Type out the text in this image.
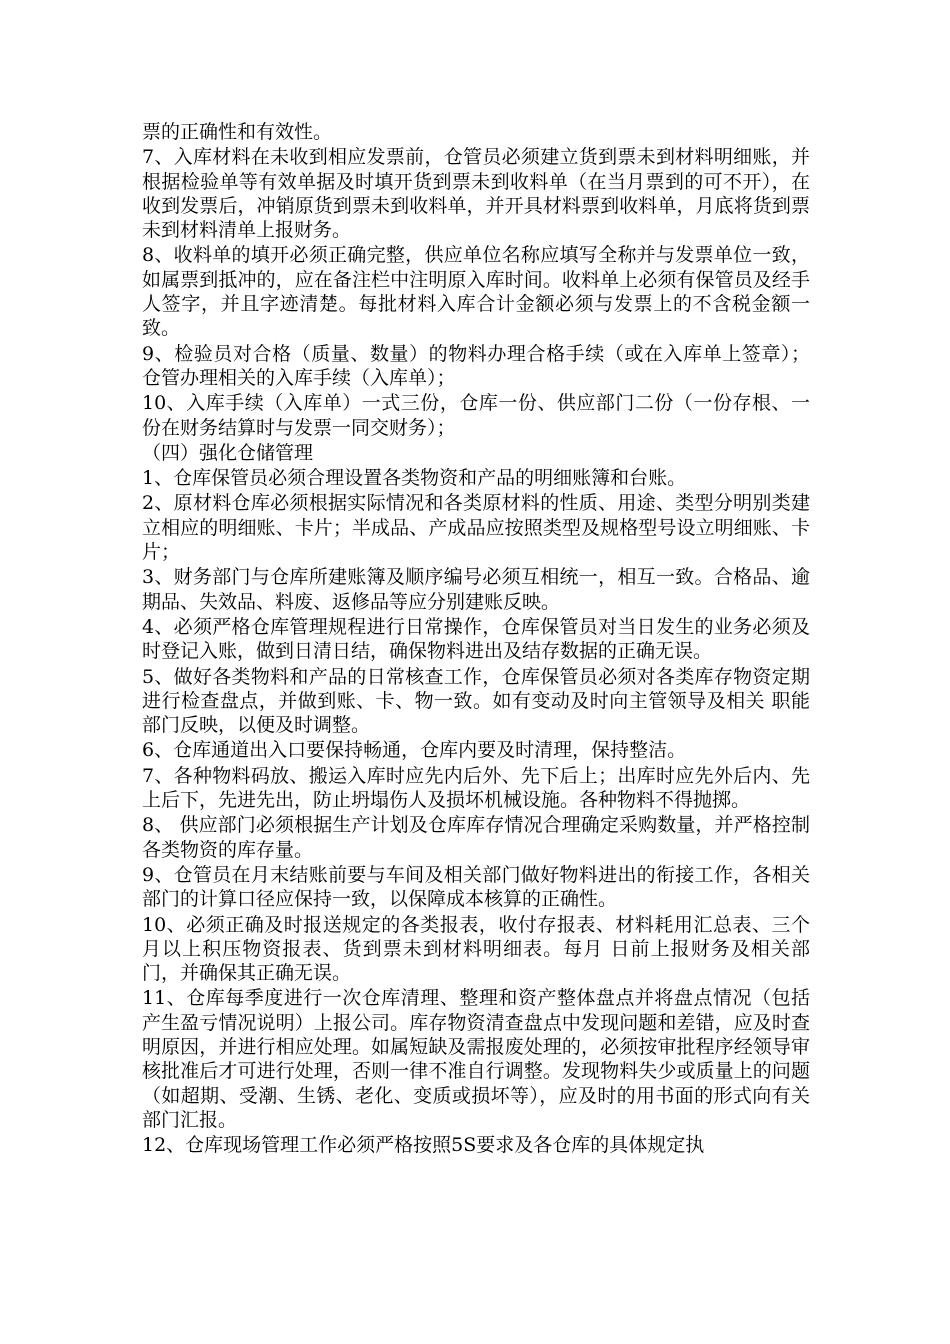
票的正确性和有效性。

7、入库材料在未收到相应发票前，仓管员必须建立货到票未到材料明细账，并根据检验单等有效单据及时填开货到票未到收料单（在当月票到的可不开），在收到发票后，冲销原货到票未到收料单，并开具材料票到收料单，月底将货到票未到材料清单上报财务。

8、收料单的填开必须正确完整，供应单位名称应填写全称并与发票单位一致，如属票到抵冲的，应在备注栏中注明原入库时间。收料单上必须有保管员及经手人签字，并且字迹清楚。每批材料入库合计金额必须与发票上的不含税金额一致。

9、检验员对合格（质量、数量）的物料办理合格手续（或在入库单上签章）； 仓管办理相关的入库手续（入库单）；

10、入库手续（入库单）一式三份，仓库一份、供应部门二份（一份存根、一份在财务结算时与发票一同交财务）；

（四）强化仓储管理

1、仓库保管员必须合理设置各类物资和产品的明细账簿和台账。

2、原材料仓库必须根据实际情况和各类原材料的性质、用途、类型分明别类建立相应的明细账、卡片；半成品、产成品应按照类型及规格型号设立明细账、卡片；

3、财务部门与仓库所建账簿及顺序编号必须互相统一，相互一致。合格品、逾期品、失效品、料废、返修品等应分别建账反映。

4、必须严格仓库管理规程进行日常操作，仓库保管员对当日发生的业务必须及时登记入账，做到日清日结，确保物料进出及结存数据的正确无误。

5、做好各类物料和产品的日常核查工作，仓库保管员必须对各类库存物资定期进行检查盘点，并做到账、卡、物一致。如有变动及时向主管领导及相关 职能部门反映，以便及时调整。

6、仓库通道出入口要保持畅通，仓库内要及时清理，保持整洁。

7、各种物料码放、搬运入库时应先内后外、先下后上；出库时应先外后内、先上后下，先进先出，防止坍塌伤人及损坏机械设施。各种物料不得抛掷。

8、 供应部门必须根据生产计划及仓库库存情况合理确定采购数量，并严格控制各类物资的库存量。

9、仓管员在月末结账前要与车间及相关部门做好物料进出的衔接工作，各相关部门的计算口径应保持一致，以保障成本核算的正确性。

10、必须正确及时报送规定的各类报表，收付存报表、材料耗用汇总表、三个月以上积压物资报表、货到票未到材料明细表。每月 日前上报财务及相关部门，并确保其正确无误。

11、仓库每季度进行一次仓库清理、整理和资产整体盘点并将盘点情况（包括产生盈亏情况说明）上报公司。库存物资清查盘点中发现问题和差错，应及时查明原因，并进行相应处理。如属短缺及需报废处理的，必须按审批程序经领导审核批准后才可进行处理，否则一律不准自行调整。发现物料失少或质量上的问题（如超期、受潮、生锈、老化、变质或损坏等），应及时的用书面的形式向有关部门汇报。

12、仓库现场管理工作必须严格按照5S要求及各仓库的具体规定执
